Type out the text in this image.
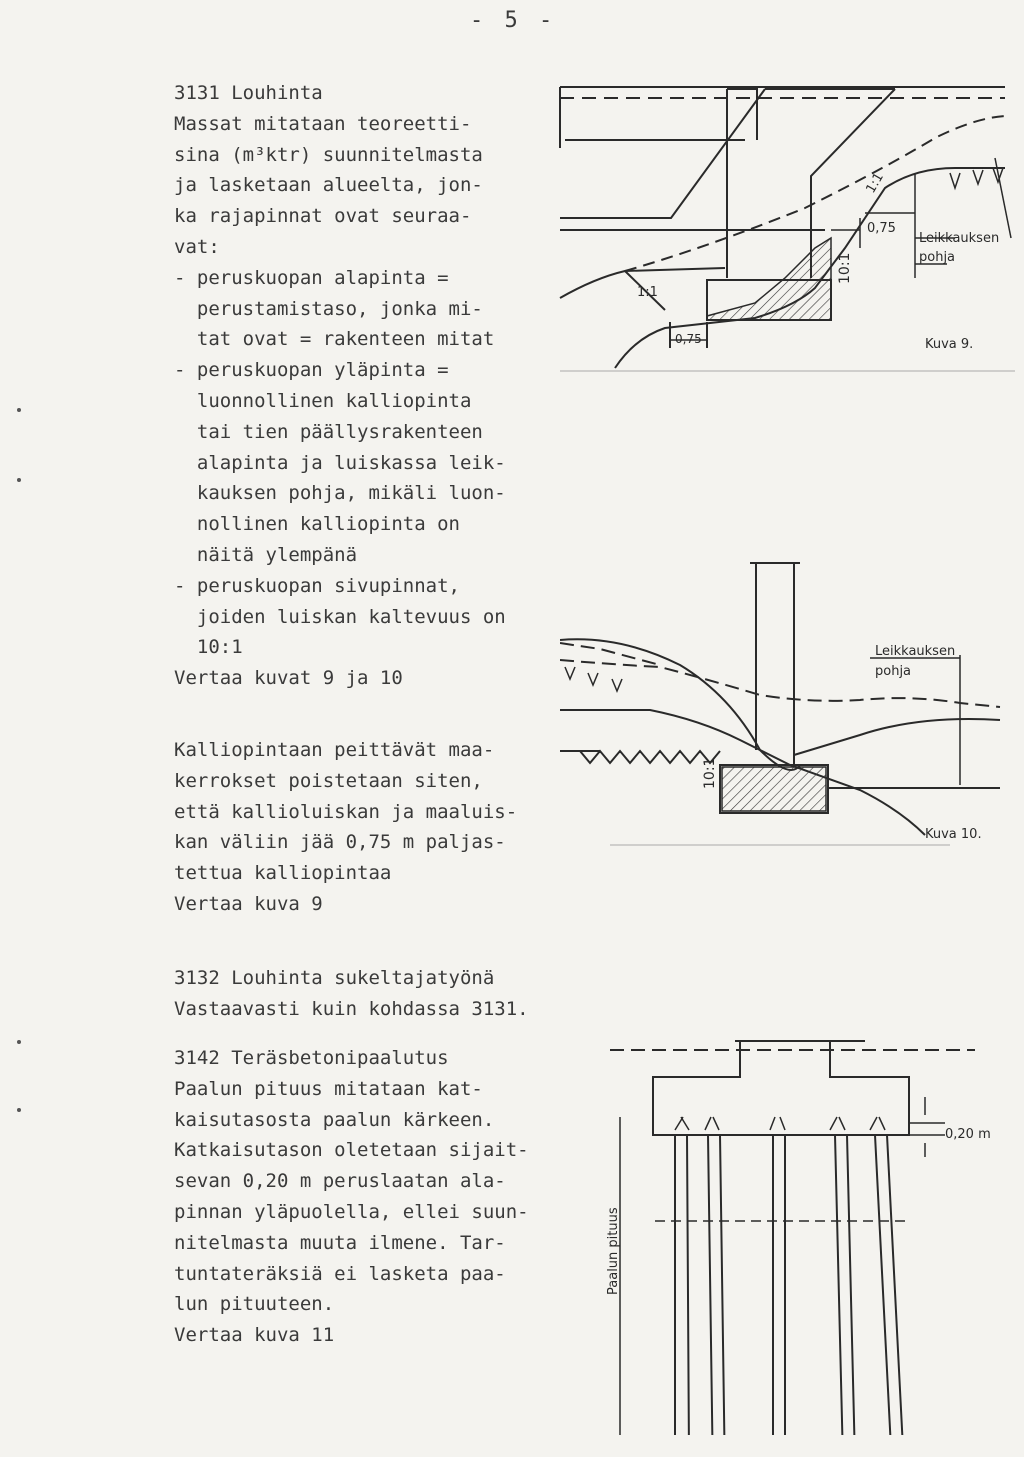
- 5 -

3131 Louhinta

Massat mitataan teoreetti-

sina (m³ktr) suunnitelmasta

ja lasketaan alueelta, jon-

ka rajapinnat ovat seuraa-

vat:

- peruskuopan alapinta =

perustamistaso, jonka mi-

tat ovat = rakenteen mitat

- peruskuopan yläpinta =

luonnollinen kalliopinta

tai tien päällysrakenteen

alapinta ja luiskassa leik-

kauksen pohja, mikäli luon-

nollinen kalliopinta on

näitä ylempänä

- peruskuopan sivupinnat,

joiden luiskan kaltevuus on

10:1

Vertaa kuvat 9 ja 10

Kalliopintaan peittävät maa-

kerrokset poistetaan siten,

että kallioluiskan ja maaluis-

kan väliin jää 0,75 m paljas-

tettua kalliopintaa

Vertaa kuva 9

3132 Louhinta sukeltajatyönä

Vastaavasti kuin kohdassa 3131.

3142 Teräsbetonipaalutus

Paalun pituus mitataan kat-

kaisutasosta paalun kärkeen.

Katkaisutason oletetaan sijait-

sevan 0,20 m peruslaatan ala-

pinnan yläpuolella, ellei suun-

nitelmasta muuta ilmene. Tar-

tuntateräksiä ei lasketa paa-

lun pituuteen.

Vertaa kuva 11

1:1
1:1
10:1
0,75
0,75
Leikkauksen
pohja
Kuva 9.
10:1
Leikkauksen
pohja
Kuva 10.
0,20 m
Paalun pituus
